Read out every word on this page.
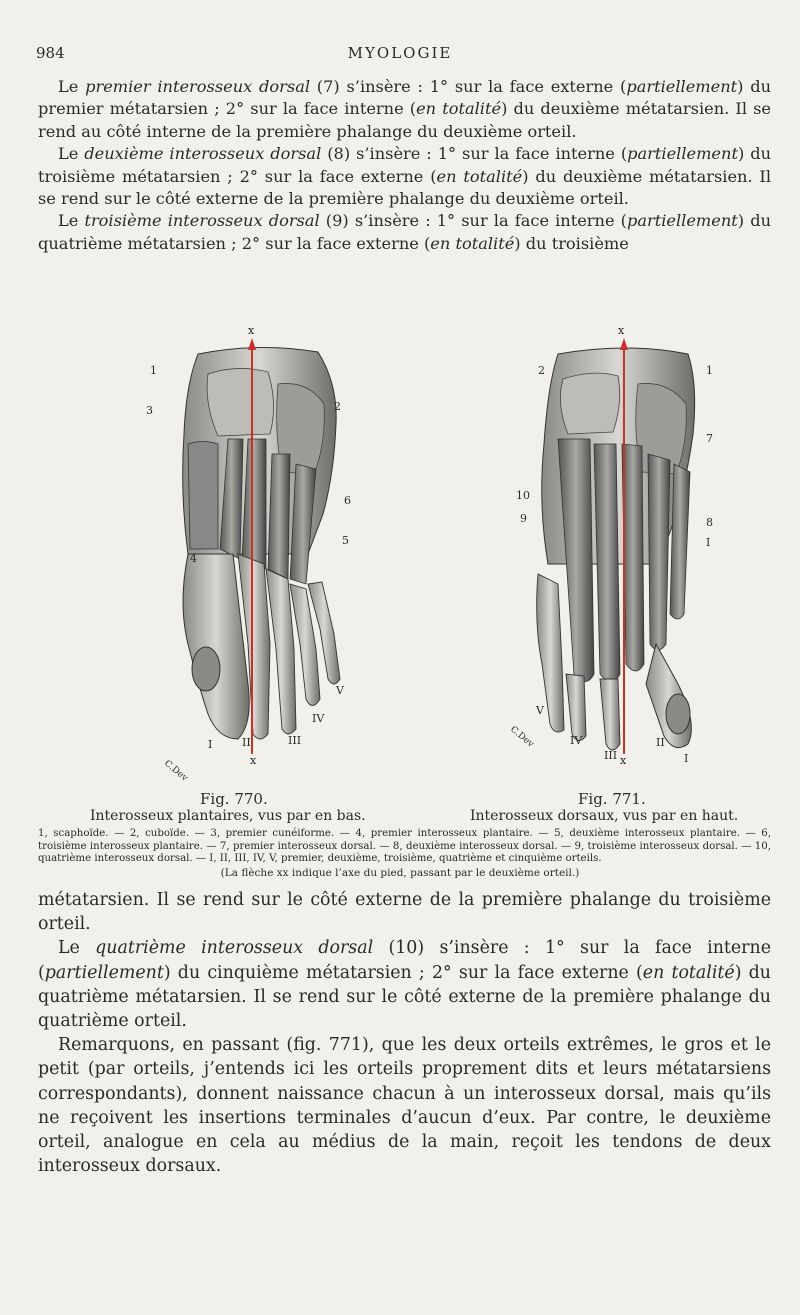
984	MYOLOGIE

Le premier interosseux dorsal (7) s’insère : 1° sur la face externe (partiellement) du premier métatarsien ; 2° sur la face interne (en totalité) du deuxième métatarsien. Il se rend au côté interne de la première phalange du deuxième orteil.

Le deuxième interosseux dorsal (8) s’insère : 1° sur la face interne (partiellement) du troisième métatarsien ; 2° sur la face externe (en totalité) du deuxième métatarsien. Il se rend sur le côté externe de la première phalange du deuxième orteil.

Le troisième interosseux dorsal (9) s’insère : 1° sur la face interne (partiellement) du quatrième métatarsien ; 2° sur la face externe (en totalité) du troisième

x
x
1
3
4
2
6
5
I	II	III
IV
V
C.Dev
x
x
2
10
9
1
7
8
I
I
II
III
IV
V
C.Dev
Fig. 770.	Fig. 771.
Interosseux plantaires, vus par en bas.	Interosseux dorsaux, vus par en haut.

1, scaphoïde. — 2, cuboïde. — 3, premier cunéiforme. — 4, premier interosseux plantaire. — 5, deuxième interosseux plantaire. — 6, troisième interosseux plantaire. — 7, premier interosseux dorsal. — 8, deuxième interosseux dorsal. — 9, troisième interosseux dorsal. — 10, quatrième interosseux dorsal. — I, II, III, IV, V, premier, deuxième, troisième, quatrième et cinquième orteils.

(La flèche xx indique l’axe du pied, passant par le deuxième orteil.)

métatarsien. Il se rend sur le côté externe de la première phalange du troisième orteil.

Le quatrième interosseux dorsal (10) s’insère : 1° sur la face interne (partiellement) du cinquième métatarsien ; 2° sur la face externe (en totalité) du quatrième métatarsien. Il se rend sur le côté externe de la première phalange du quatrième orteil.

Remarquons, en passant (fig. 771), que les deux orteils extrêmes, le gros et le petit (par orteils, j’entends ici les orteils proprement dits et leurs métatarsiens correspondants), donnent naissance chacun à un interosseux dorsal, mais qu’ils ne reçoivent les insertions terminales d’aucun d’eux. Par contre, le deuxième orteil, analogue en cela au médius de la main, reçoit les tendons de deux interosseux dorsaux.
